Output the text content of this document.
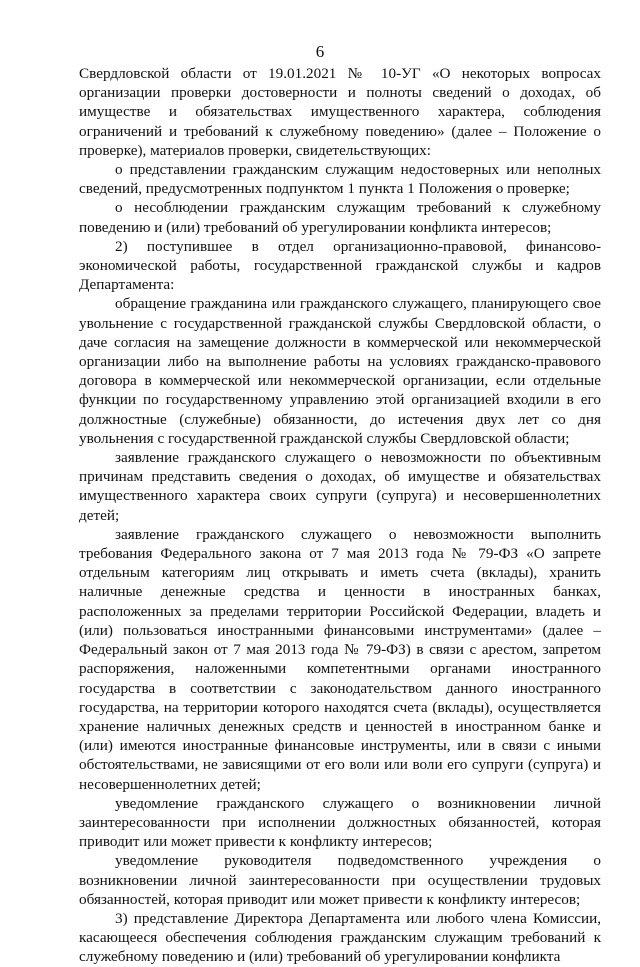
6

Свердловской области от 19.01.2021 № 10-УГ «О некоторых вопросах организации проверки достоверности и полноты сведений о доходах, об имуществе и обязательствах имущественного характера, соблюдения ограничений и требований к служебному поведению» (далее – Положение о проверке), материалов проверки, свидетельствующих:

о представлении гражданским служащим недостоверных или неполных сведений, предусмотренных подпунктом 1 пункта 1 Положения о проверке;

о несоблюдении гражданским служащим требований к служебному поведению и (или) требований об урегулировании конфликта интересов;

2) поступившее в отдел организационно-правовой, финансово-экономической работы, государственной гражданской службы и кадров Департамента:

обращение гражданина или гражданского служащего, планирующего свое увольнение с государственной гражданской службы Свердловской области, о даче согласия на замещение должности в коммерческой или некоммерческой организации либо на выполнение работы на условиях гражданско-правового договора в коммерческой или некоммерческой организации, если отдельные функции по государственному управлению этой организацией входили в его должностные (служебные) обязанности, до истечения двух лет со дня увольнения с государственной гражданской службы Свердловской области;

заявление гражданского служащего о невозможности по объективным причинам представить сведения о доходах, об имуществе и обязательствах имущественного характера своих супруги (супруга) и несовершеннолетних детей;

заявление гражданского служащего о невозможности выполнить требования Федерального закона от 7 мая 2013 года № 79-ФЗ «О запрете отдельным категориям лиц открывать и иметь счета (вклады), хранить наличные денежные средства и ценности в иностранных банках, расположенных за пределами территории Российской Федерации, владеть и (или) пользоваться иностранными финансовыми инструментами» (далее – Федеральный закон от 7 мая 2013 года № 79-ФЗ) в связи с арестом, запретом распоряжения, наложенными компетентными органами иностранного государства в соответствии с законодательством данного иностранного государства, на территории которого находятся счета (вклады), осуществляется хранение наличных денежных средств и ценностей в иностранном банке и (или) имеются иностранные финансовые инструменты, или в связи с иными обстоятельствами, не зависящими от его воли или воли его супруги (супруга) и несовершеннолетних детей;

уведомление гражданского служащего о возникновении личной заинтересованности при исполнении должностных обязанностей, которая приводит или может привести к конфликту интересов;

уведомление руководителя подведомственного учреждения о возникновении личной заинтересованности при осуществлении трудовых обязанностей, которая приводит или может привести к конфликту интересов;

3) представление Директора Департамента или любого члена Комиссии, касающееся обеспечения соблюдения гражданским служащим требований к служебному поведению и (или) требований об урегулировании конфликта
